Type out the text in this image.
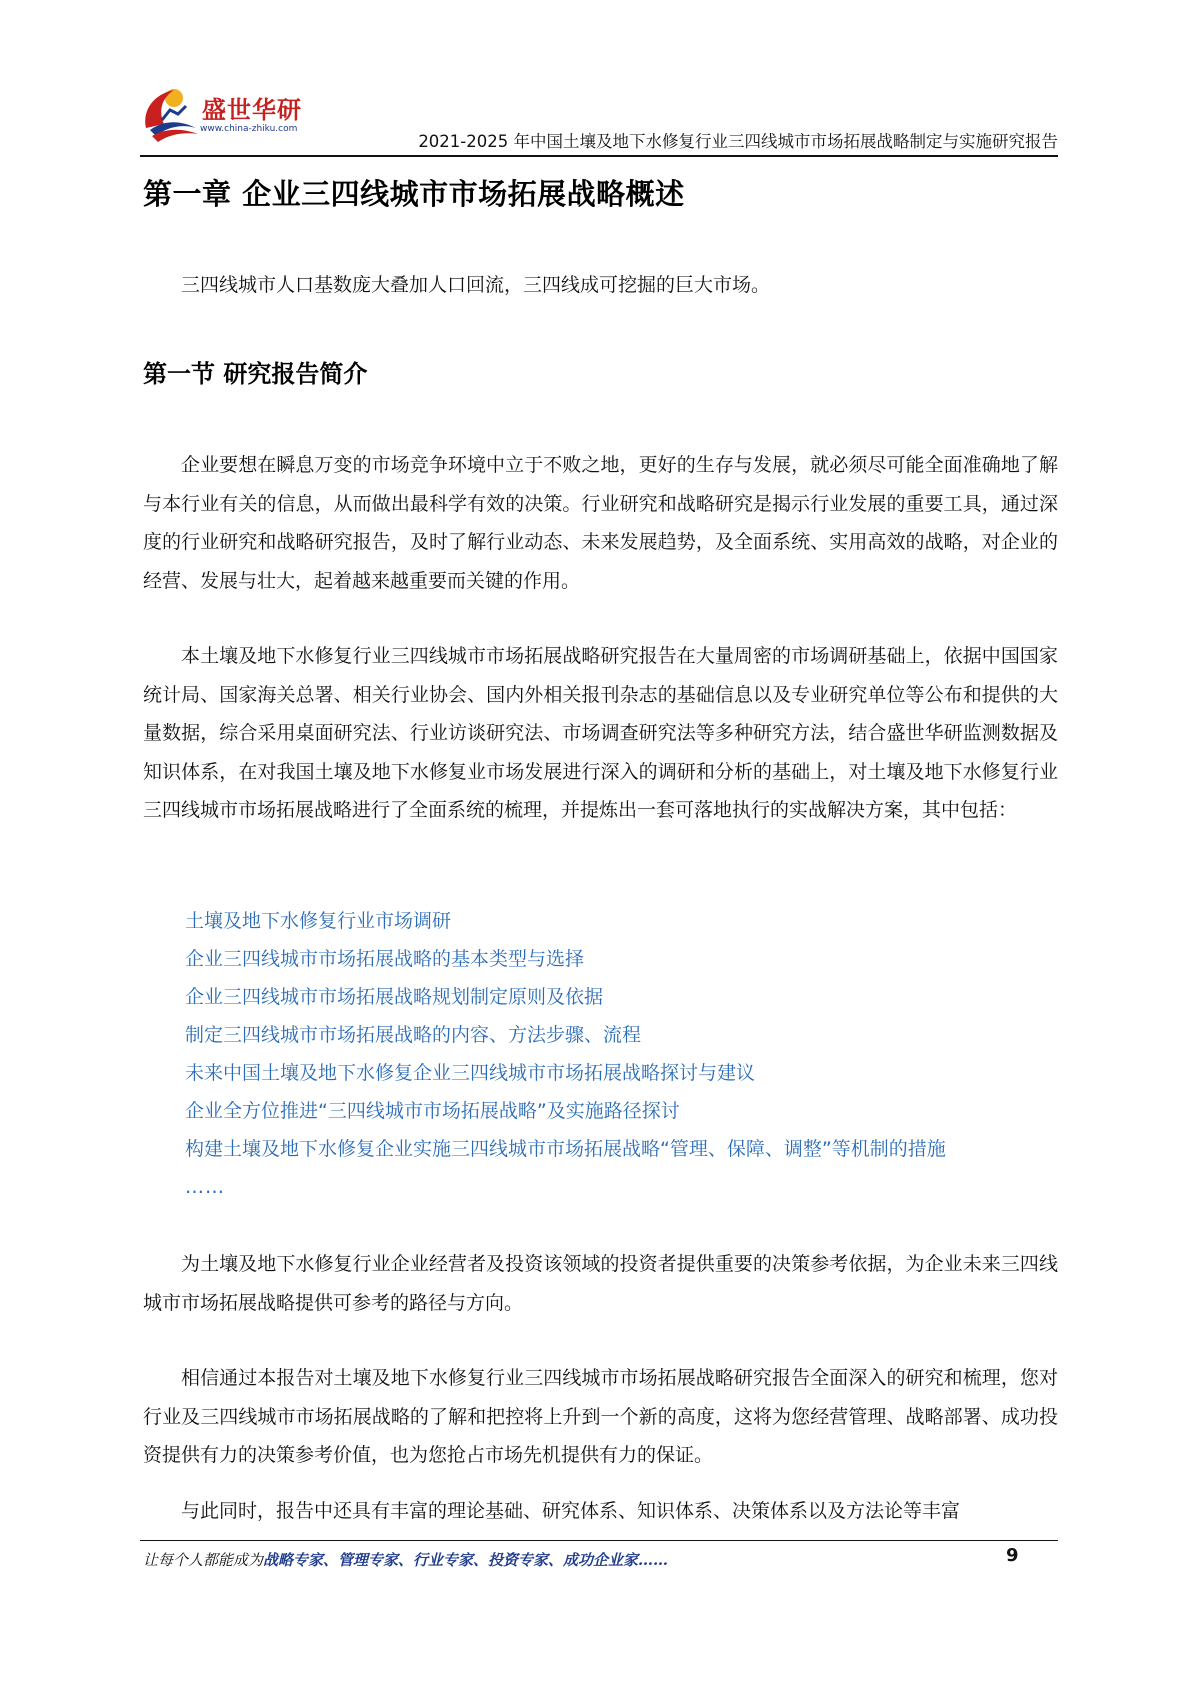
盛世华研
www.china-zhiku.com
2021-2025 年中国土壤及地下水修复行业三四线城市市场拓展战略制定与实施研究报告
第一章 企业三四线城市市场拓展战略概述

三四线城市人口基数庞大叠加人口回流，三四线成可挖掘的巨大市场。

第一节 研究报告简介

企业要想在瞬息万变的市场竞争环境中立于不败之地，更好的生存与发展，就必须尽可能全面准确地了解与本行业有关的信息，从而做出最科学有效的决策。行业研究和战略研究是揭示行业发展的重要工具，通过深度的行业研究和战略研究报告，及时了解行业动态、未来发展趋势，及全面系统、实用高效的战略，对企业的经营、发展与壮大，起着越来越重要而关键的作用。

本土壤及地下水修复行业三四线城市市场拓展战略研究报告在大量周密的市场调研基础上，依据中国国家统计局、国家海关总署、相关行业协会、国内外相关报刊杂志的基础信息以及专业研究单位等公布和提供的大量数据，综合采用桌面研究法、行业访谈研究法、市场调查研究法等多种研究方法，结合盛世华研监测数据及知识体系，在对我国土壤及地下水修复业市场发展进行深入的调研和分析的基础上，对土壤及地下水修复行业三四线城市市场拓展战略进行了全面系统的梳理，并提炼出一套可落地执行的实战解决方案，其中包括：

土壤及地下水修复行业市场调研
企业三四线城市市场拓展战略的基本类型与选择
企业三四线城市市场拓展战略规划制定原则及依据
制定三四线城市市场拓展战略的内容、方法步骤、流程
未来中国土壤及地下水修复企业三四线城市市场拓展战略探讨与建议
企业全方位推进“三四线城市市场拓展战略”及实施路径探讨
构建土壤及地下水修复企业实施三四线城市市场拓展战略“管理、保障、调整”等机制的措施
……

为土壤及地下水修复行业企业经营者及投资该领域的投资者提供重要的决策参考依据，为企业未来三四线城市市场拓展战略提供可参考的路径与方向。

相信通过本报告对土壤及地下水修复行业三四线城市市场拓展战略研究报告全面深入的研究和梳理，您对行业及三四线城市市场拓展战略的了解和把控将上升到一个新的高度，这将为您经营管理、战略部署、成功投资提供有力的决策参考价值，也为您抢占市场先机提供有力的保证。

与此同时，报告中还具有丰富的理论基础、研究体系、知识体系、决策体系以及方法论等丰富

让每个人都能成为战略专家、管理专家、行业专家、投资专家、成功企业家……	9
